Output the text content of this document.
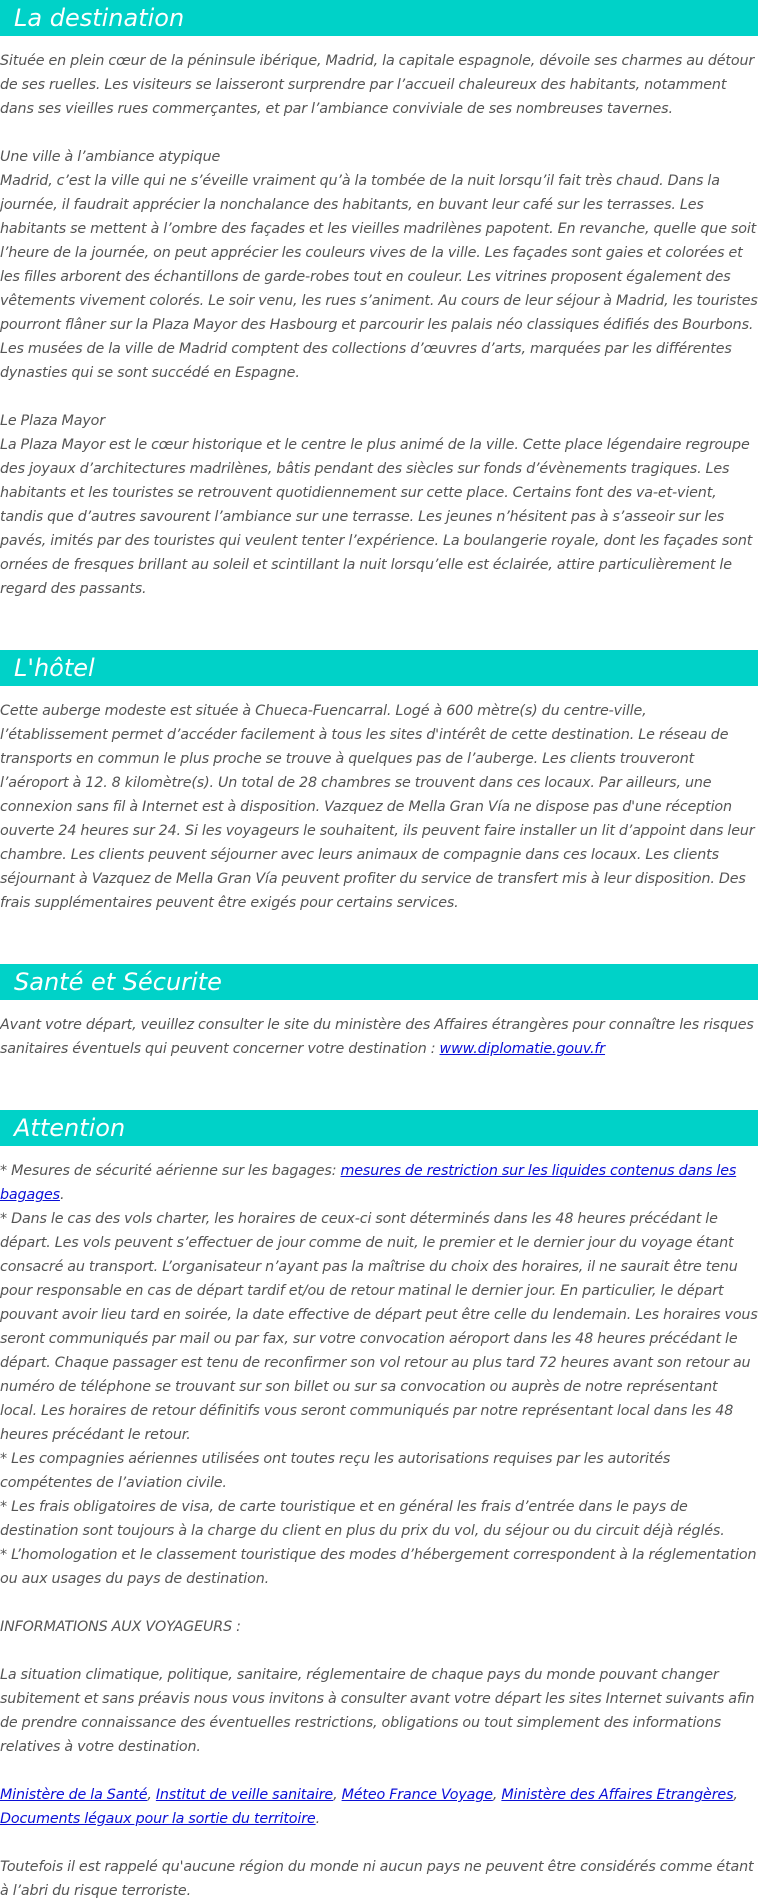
La destination

Située en plein cœur de la péninsule ibérique, Madrid, la capitale espagnole, dévoile ses charmes au détour de ses ruelles. Les visiteurs se laisseront surprendre par l’accueil chaleureux des habitants, notamment dans ses vieilles rues commerçantes, et par l’ambiance conviviale de ses nombreuses tavernes.

Une ville à l’ambiance atypique

Madrid, c’est la ville qui ne s’éveille vraiment qu’à la tombée de la nuit lorsqu’il fait très chaud. Dans la journée, il faudrait apprécier la nonchalance des habitants, en buvant leur café sur les terrasses. Les habitants se mettent à l’ombre des façades et les vieilles madrilènes papotent. En revanche, quelle que soit l’heure de la journée, on peut apprécier les couleurs vives de la ville. Les façades sont gaies et colorées et les filles arborent des échantillons de garde-robes tout en couleur. Les vitrines proposent également des vêtements vivement colorés. Le soir venu, les rues s’animent. Au cours de leur séjour à Madrid, les touristes pourront flâner sur la Plaza Mayor des Hasbourg et parcourir les palais néo classiques édifiés des Bourbons. Les musées de la ville de Madrid comptent des collections d’œuvres d’arts, marquées par les différentes dynasties qui se sont succédé en Espagne.

Le Plaza Mayor

La Plaza Mayor est le cœur historique et le centre le plus animé de la ville. Cette place légendaire regroupe des joyaux d’architectures madrilènes, bâtis pendant des siècles sur fonds d’évènements tragiques. Les habitants et les touristes se retrouvent quotidiennement sur cette place. Certains font des va-et-vient, tandis que d’autres savourent l’ambiance sur une terrasse. Les jeunes n’hésitent pas à s’asseoir sur les pavés, imités par des touristes qui veulent tenter l’expérience. La boulangerie royale, dont les façades sont ornées de fresques brillant au soleil et scintillant la nuit lorsqu’elle est éclairée, attire particulièrement le regard des passants.

L'hôtel

Cette auberge modeste est située à Chueca-Fuencarral. Logé à 600 mètre(s) du centre-ville, l’établissement permet d’accéder facilement à tous les sites d'intérêt de cette destination. Le réseau de transports en commun le plus proche se trouve à quelques pas de l’auberge. Les clients trouveront l’aéroport à 12. 8 kilomètre(s). Un total de 28 chambres se trouvent dans ces locaux. Par ailleurs, une connexion sans fil à Internet est à disposition. Vazquez de Mella Gran Vía ne dispose pas d'une réception ouverte 24 heures sur 24. Si les voyageurs le souhaitent, ils peuvent faire installer un lit d’appoint dans leur chambre. Les clients peuvent séjourner avec leurs animaux de compagnie dans ces locaux. Les clients séjournant à Vazquez de Mella Gran Vía peuvent profiter du service de transfert mis à leur disposition. Des frais supplémentaires peuvent être exigés pour certains services.

Santé et Sécurite

Avant votre départ, veuillez consulter le site du ministère des Affaires étrangères pour connaître les risques sanitaires éventuels qui peuvent concerner votre destination : www.diplomatie.gouv.fr

Attention

* Mesures de sécurité aérienne sur les bagages: mesures de restriction sur les liquides contenus dans les bagages.

* Dans le cas des vols charter, les horaires de ceux-ci sont déterminés dans les 48 heures précédant le départ. Les vols peuvent s’effectuer de jour comme de nuit, le premier et le dernier jour du voyage étant consacré au transport. L’organisateur n’ayant pas la maîtrise du choix des horaires, il ne saurait être tenu pour responsable en cas de départ tardif et/ou de retour matinal le dernier jour. En particulier, le départ pouvant avoir lieu tard en soirée, la date effective de départ peut être celle du lendemain. Les horaires vous seront communiqués par mail ou par fax, sur votre convocation aéroport dans les 48 heures précédant le départ. Chaque passager est tenu de reconfirmer son vol retour au plus tard 72 heures avant son retour au numéro de téléphone se trouvant sur son billet ou sur sa convocation ou auprès de notre représentant local. Les horaires de retour définitifs vous seront communiqués par notre représentant local dans les 48 heures précédant le retour.

* Les compagnies aériennes utilisées ont toutes reçu les autorisations requises par les autorités compétentes de l’aviation civile.

* Les frais obligatoires de visa, de carte touristique et en général les frais d’entrée dans le pays de destination sont toujours à la charge du client en plus du prix du vol, du séjour ou du circuit déjà réglés.

* L’homologation et le classement touristique des modes d’hébergement correspondent à la réglementation ou aux usages du pays de destination.

INFORMATIONS AUX VOYAGEURS :

La situation climatique, politique, sanitaire, réglementaire de chaque pays du monde pouvant changer subitement et sans préavis nous vous invitons à consulter avant votre départ les sites Internet suivants afin de prendre connaissance des éventuelles restrictions, obligations ou tout simplement des informations relatives à votre destination.

Ministère de la Santé, Institut de veille sanitaire, Méteo France Voyage, Ministère des Affaires Etrangères, Documents légaux pour la sortie du territoire.

Toutefois il est rappelé qu'aucune région du monde ni aucun pays ne peuvent être considérés comme étant à l’abri du risque terroriste.
